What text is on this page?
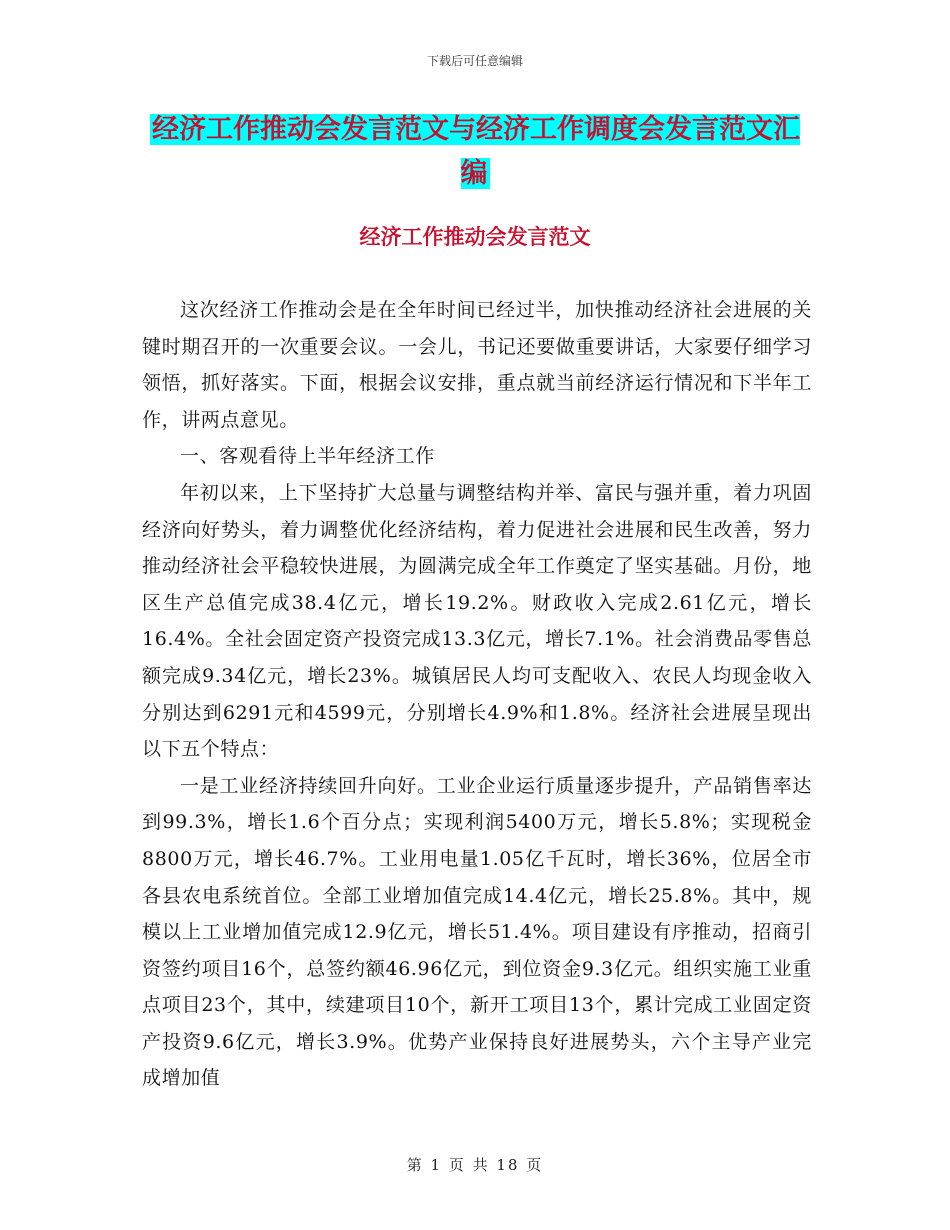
下载后可任意编辑
经济工作推动会发言范文与经济工作调度会发言范文汇编
经济工作推动会发言范文

这次经济工作推动会是在全年时间已经过半，加快推动经济社会进展的关键时期召开的一次重要会议。一会儿，书记还要做重要讲话，大家要仔细学习领悟，抓好落实。下面，根据会议安排，重点就当前经济运行情况和下半年工作，讲两点意见。

一、客观看待上半年经济工作

年初以来，上下坚持扩大总量与调整结构并举、富民与强并重，着力巩固经济向好势头，着力调整优化经济结构，着力促进社会进展和民生改善，努力推动经济社会平稳较快进展，为圆满完成全年工作奠定了坚实基础。月份，地区生产总值完成38.4亿元，增长19.2%。财政收入完成2.61亿元，增长16.4%。全社会固定资产投资完成13.3亿元，增长7.1%。社会消费品零售总额完成9.34亿元，增长23%。城镇居民人均可支配收入、农民人均现金收入分别达到6291元和4599元，分别增长4.9%和1.8%。经济社会进展呈现出以下五个特点：

一是工业经济持续回升向好。工业企业运行质量逐步提升，产品销售率达到99.3%，增长1.6个百分点；实现利润5400万元，增长5.8%；实现税金8800万元，增长46.7%。工业用电量1.05亿千瓦时，增长36%，位居全市各县农电系统首位。全部工业增加值完成14.4亿元，增长25.8%。其中，规模以上工业增加值完成12.9亿元，增长51.4%。项目建设有序推动，招商引资签约项目16个，总签约额46.96亿元，到位资金9.3亿元。组织实施工业重点项目23个，其中，续建项目10个，新开工项目13个，累计完成工业固定资产投资9.6亿元，增长3.9%。优势产业保持良好进展势头，六个主导产业完成增加值

第 1 页 共 18 页
